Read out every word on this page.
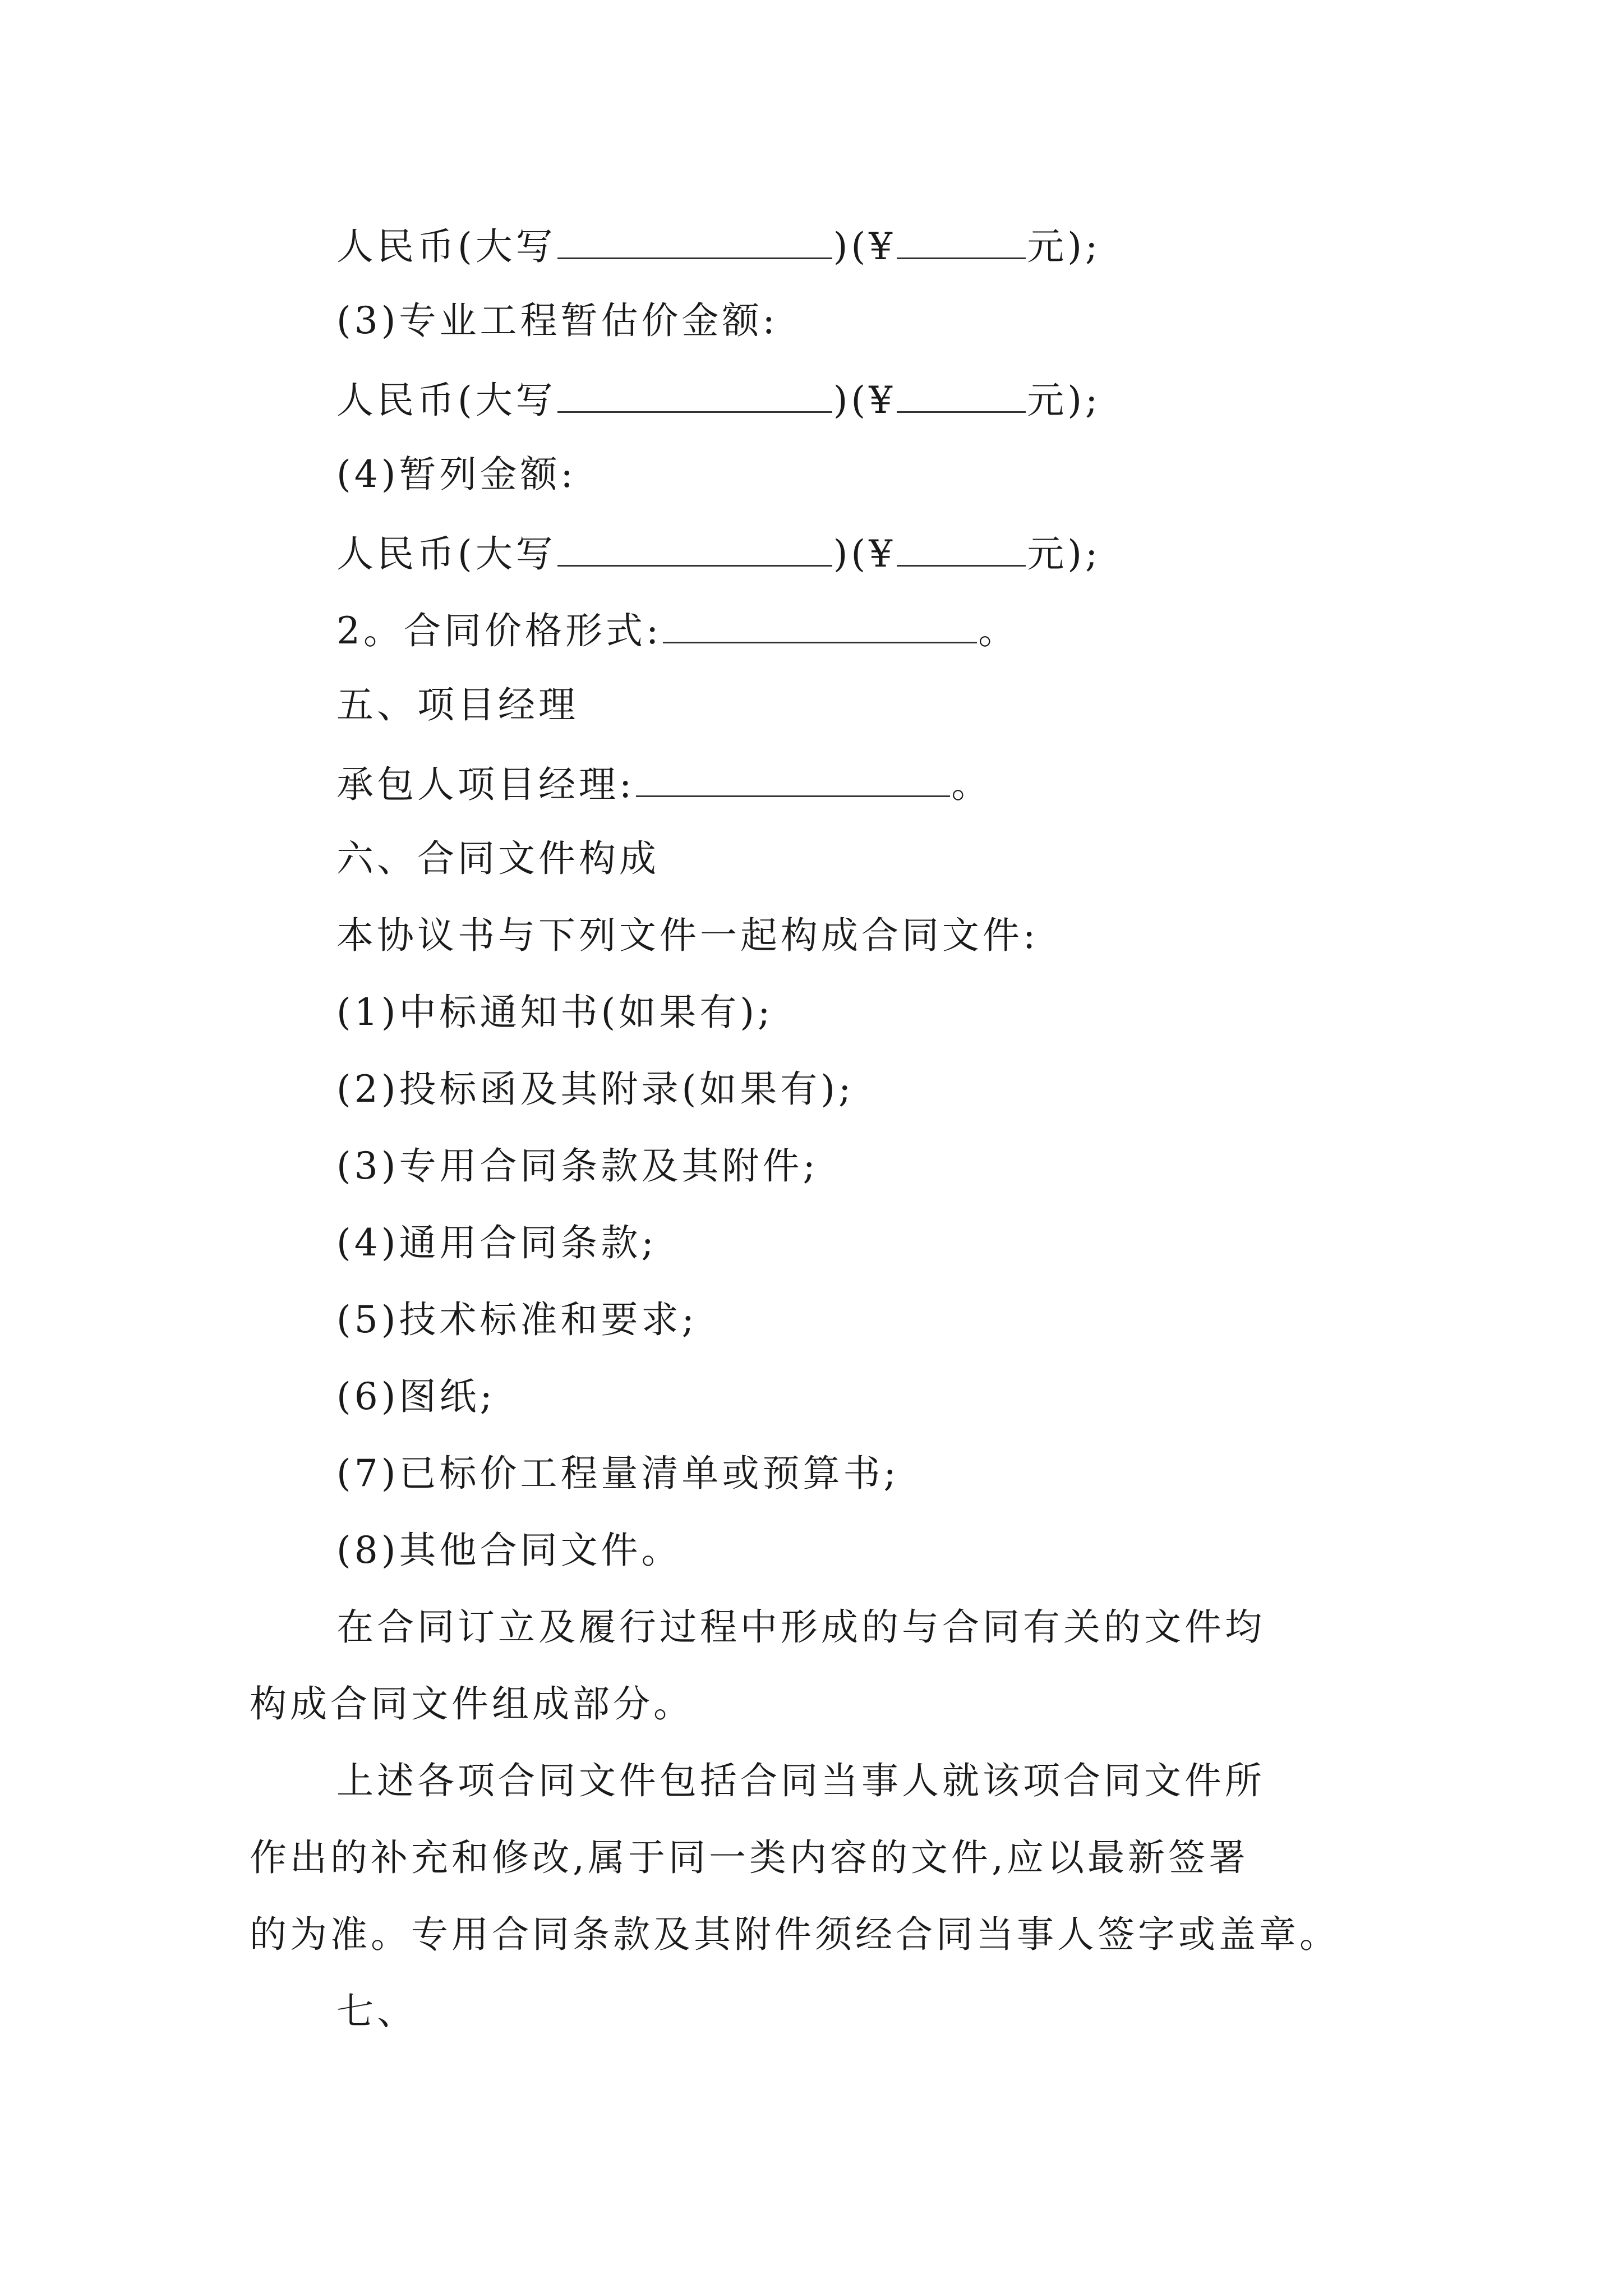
人民币(大写	)(¥	元);
(3)专业工程暂估价金额:
人民币(大写	)(¥	元);
(4)暂列金额:
人民币(大写	)(¥	元);
2。合同价格形式:	。
五、项目经理
承包人项目经理:	。
六、合同文件构成
本协议书与下列文件一起构成合同文件:
(1)中标通知书(如果有);
(2)投标函及其附录(如果有);
(3)专用合同条款及其附件;
(4)通用合同条款;
(5)技术标准和要求;
(6)图纸;
(7)已标价工程量清单或预算书;
(8)其他合同文件。
在合同订立及履行过程中形成的与合同有关的文件均
构成合同文件组成部分。
上述各项合同文件包括合同当事人就该项合同文件所
作出的补充和修改,属于同一类内容的文件,应以最新签署
的为准。专用合同条款及其附件须经合同当事人签字或盖章。
七、
